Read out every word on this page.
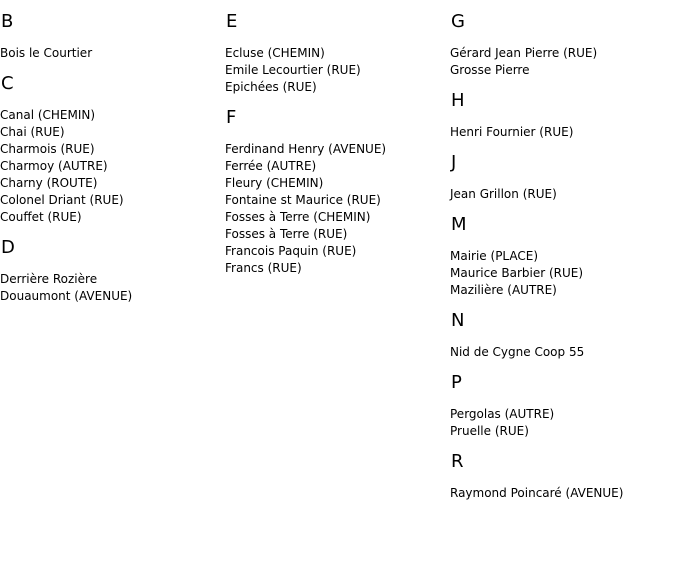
B
Bois le Courtier
C
Canal (CHEMIN)
Chai (RUE)
Charmois (RUE)
Charmoy (AUTRE)
Charny (ROUTE)
Colonel Driant (RUE)
Couffet (RUE)
D
Derrière Rozière
Douaumont (AVENUE)
E
Ecluse (CHEMIN)
Emile Lecourtier (RUE)
Epichées (RUE)
F
Ferdinand Henry (AVENUE)
Ferrée (AUTRE)
Fleury (CHEMIN)
Fontaine st Maurice (RUE)
Fosses à Terre (CHEMIN)
Fosses à Terre (RUE)
Francois Paquin (RUE)
Francs (RUE)
G
Gérard Jean Pierre (RUE)
Grosse Pierre
H
Henri Fournier (RUE)
J
Jean Grillon (RUE)
M
Mairie (PLACE)
Maurice Barbier (RUE)
Mazilière (AUTRE)
N
Nid de Cygne Coop 55
P
Pergolas (AUTRE)
Pruelle (RUE)
R
Raymond Poincaré (AVENUE)
